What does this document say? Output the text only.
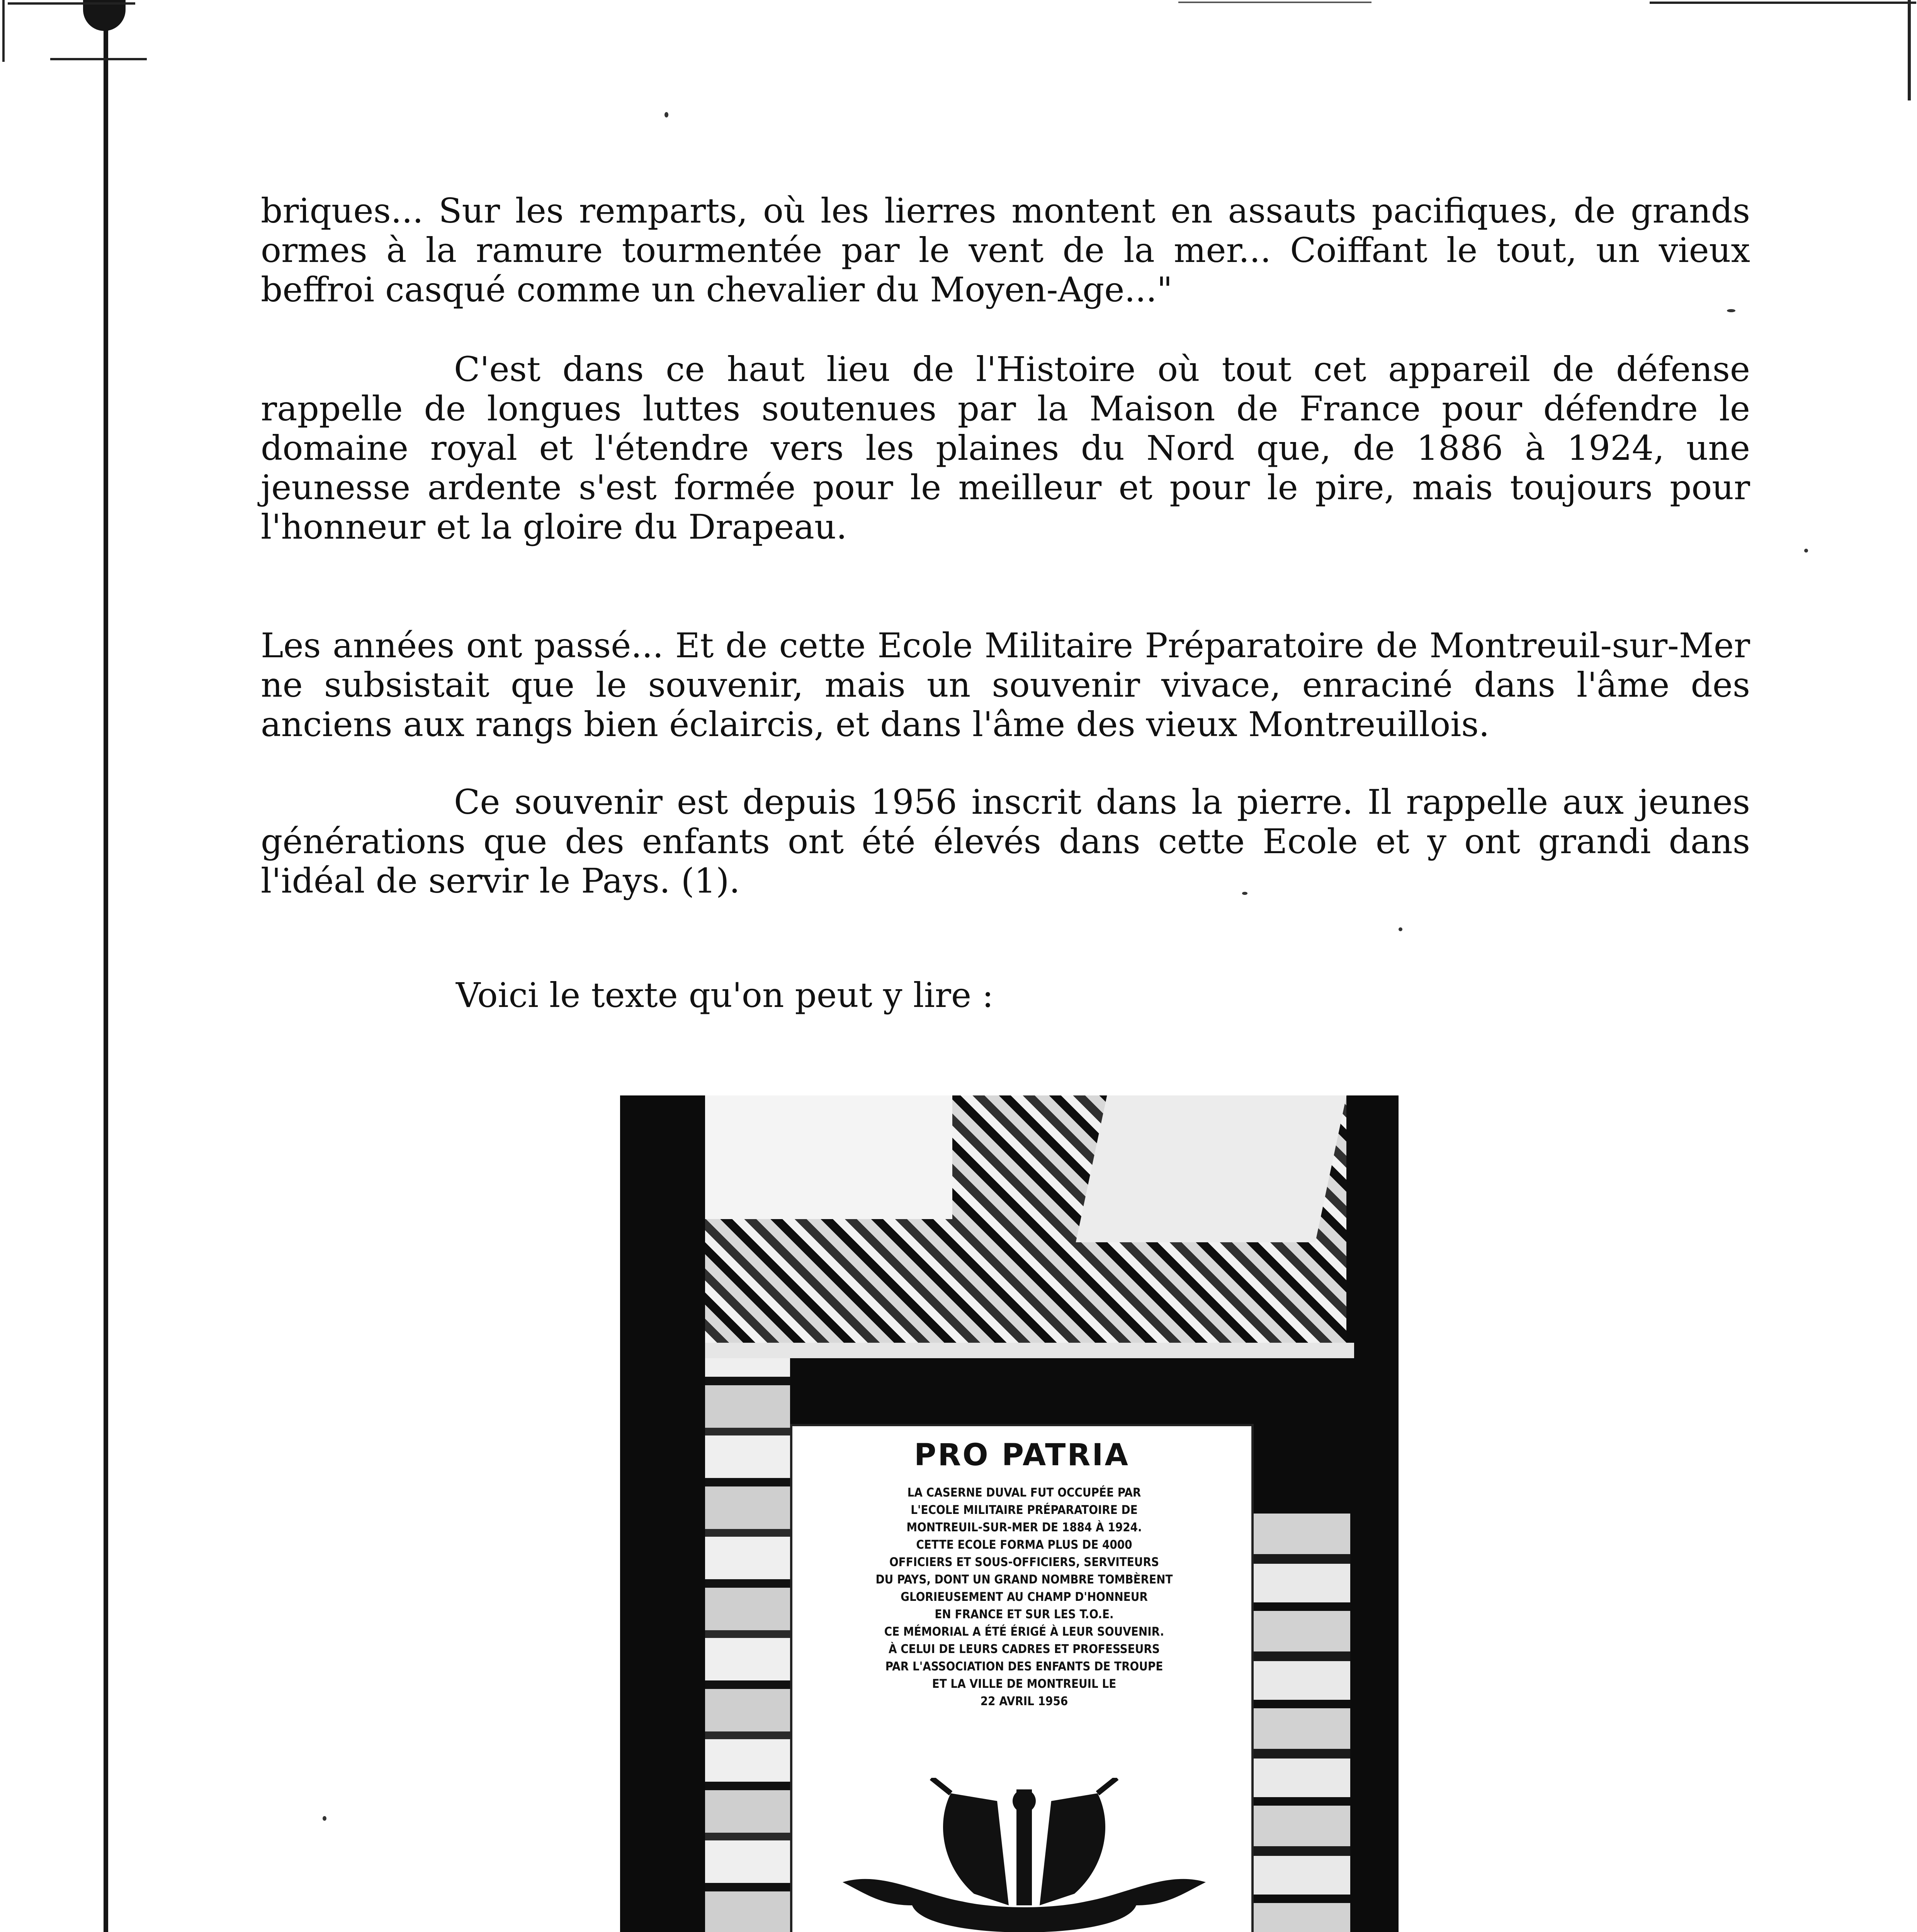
briques... Sur les remparts, où les lierres montent en assauts pacifiques, de grands ormes à la ramure tourmentée par le vent de la mer... Coiffant le tout, un vieux beffroi casqué comme un chevalier du Moyen-Age..."

C'est dans ce haut lieu de l'Histoire où tout cet appareil de défense rappelle de longues luttes soutenues par la Maison de France pour défendre le domaine royal et l'étendre vers les plaines du Nord que, de 1886 à 1924, une jeunesse ardente s'est formée pour le meilleur et pour le pire, mais toujours pour l'honneur et la gloire du Drapeau.

Les années ont passé... Et de cette Ecole Militaire Préparatoire de Montreuil-sur-Mer ne subsistait que le souvenir, mais un souvenir vivace, enraciné dans l'âme des anciens aux rangs bien éclaircis, et dans l'âme des vieux Montreuillois.

Ce souvenir est depuis 1956 inscrit dans la pierre. Il rappelle aux jeunes générations que des enfants ont été élevés dans cette Ecole et y ont grandi dans l'idéal de servir le Pays. (1).

Voici le texte qu'on peut y lire :

PRO PATRIA

LA CASERNE DUVAL FUT OCCUPÉE PAR
L'ECOLE MILITAIRE PRÉPARATOIRE DE
MONTREUIL-SUR-MER DE 1884 À 1924.
CETTE ECOLE FORMA PLUS DE 4000
OFFICIERS ET SOUS-OFFICIERS, SERVITEURS
DU PAYS, DONT UN GRAND NOMBRE TOMBÈRENT
GLORIEUSEMENT AU CHAMP D'HONNEUR
EN FRANCE ET SUR LES T.O.E.
CE MÉMORIAL A ÉTÉ ÉRIGÉ À LEUR SOUVENIR.
À CELUI DE LEURS CADRES ET PROFESSEURS
PAR L'ASSOCIATION DES ENFANTS DE TROUPE
ET LA VILLE DE MONTREUIL LE
22 AVRIL 1956
